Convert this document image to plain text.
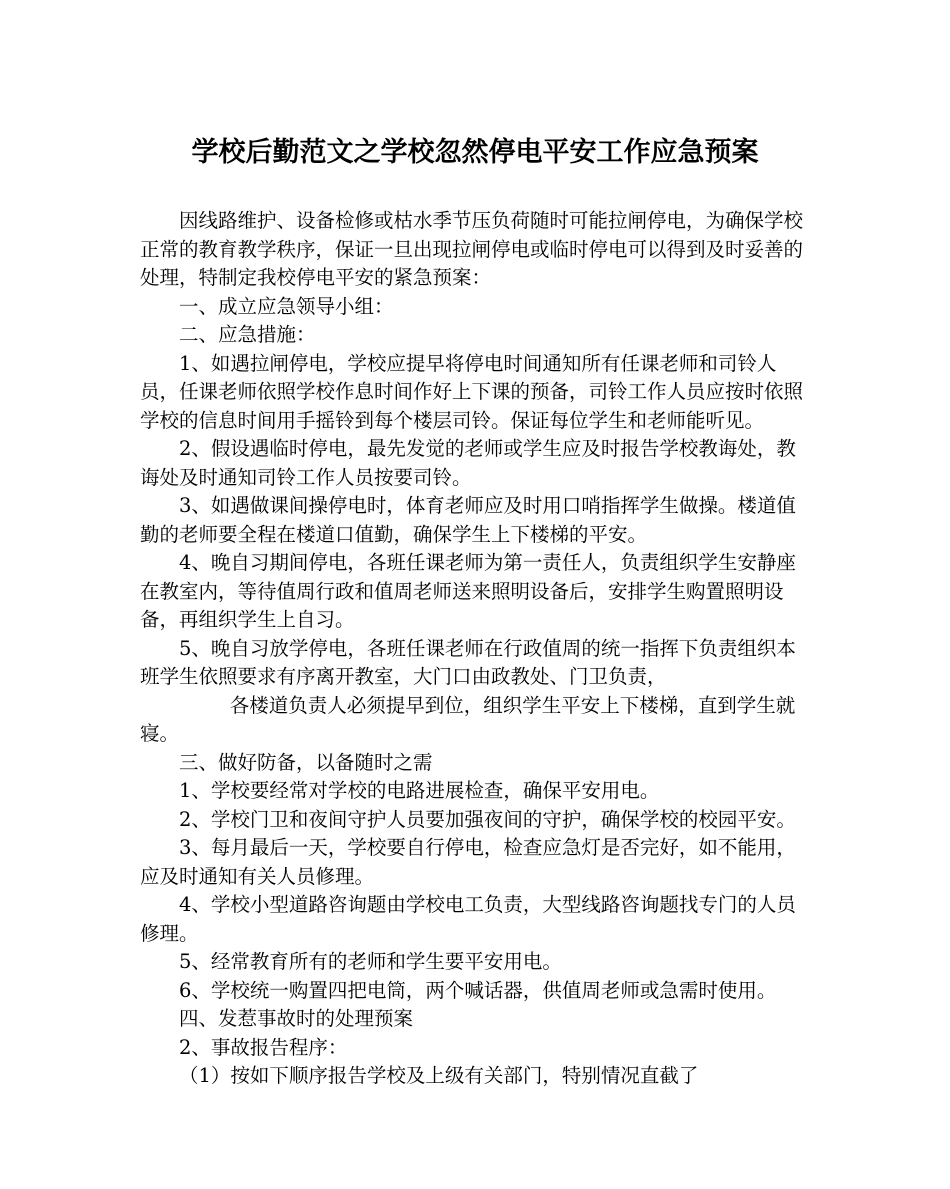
学校后勤范文之学校忽然停电平安工作应急预案

因线路维护、设备检修或枯水季节压负荷随时可能拉闸停电，为确保学校正常的教育教学秩序，保证一旦出现拉闸停电或临时停电可以得到及时妥善的处理，特制定我校停电平安的紧急预案：

一、成立应急领导小组：

二、应急措施：

1、如遇拉闸停电，学校应提早将停电时间通知所有任课老师和司铃人员，任课老师依照学校作息时间作好上下课的预备，司铃工作人员应按时依照学校的信息时间用手摇铃到每个楼层司铃。保证每位学生和老师能听见。

2、假设遇临时停电，最先发觉的老师或学生应及时报告学校教诲处，教诲处及时通知司铃工作人员按要司铃。

3、如遇做课间操停电时，体育老师应及时用口哨指挥学生做操。楼道值勤的老师要全程在楼道口值勤，确保学生上下楼梯的平安。

4、晚自习期间停电，各班任课老师为第一责任人，负责组织学生安静座在教室内，等待值周行政和值周老师送来照明设备后，安排学生购置照明设备，再组织学生上自习。

5、晚自习放学停电，各班任课老师在行政值周的统一指挥下负责组织本班学生依照要求有序离开教室，大门口由政教处、门卫负责，

各楼道负责人必须提早到位，组织学生平安上下楼梯，直到学生就寝。

三、做好防备，以备随时之需

1、学校要经常对学校的电路进展检查，确保平安用电。

2、学校门卫和夜间守护人员要加强夜间的守护，确保学校的校园平安。

3、每月最后一天，学校要自行停电，检查应急灯是否完好，如不能用，应及时通知有关人员修理。

4、学校小型道路咨询题由学校电工负责，大型线路咨询题找专门的人员修理。

5、经常教育所有的老师和学生要平安用电。

6、学校统一购置四把电筒，两个喊话器，供值周老师或急需时使用。

四、发惹事故时的处理预案

2、事故报告程序：

（1）按如下顺序报告学校及上级有关部门，特别情况直截了
